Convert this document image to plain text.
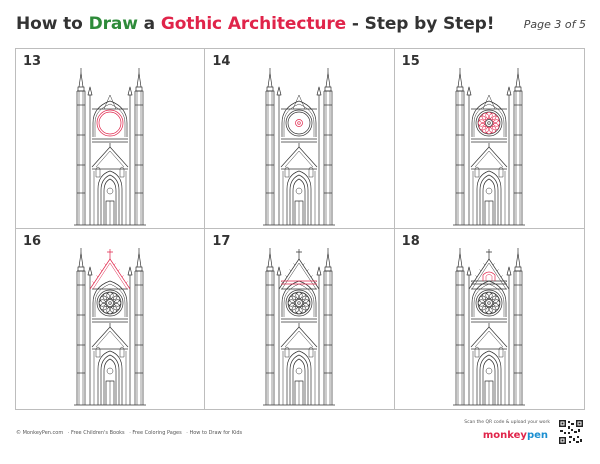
How to Draw a Gothic Architecture - Step by Step!	Page 3 of 5
13	14	15
16	17	18
© MonkeyPen.com · Free Children's Books · Free Coloring Pages · How to Draw for Kids
Scan the QR code & upload your work
monkeypen
